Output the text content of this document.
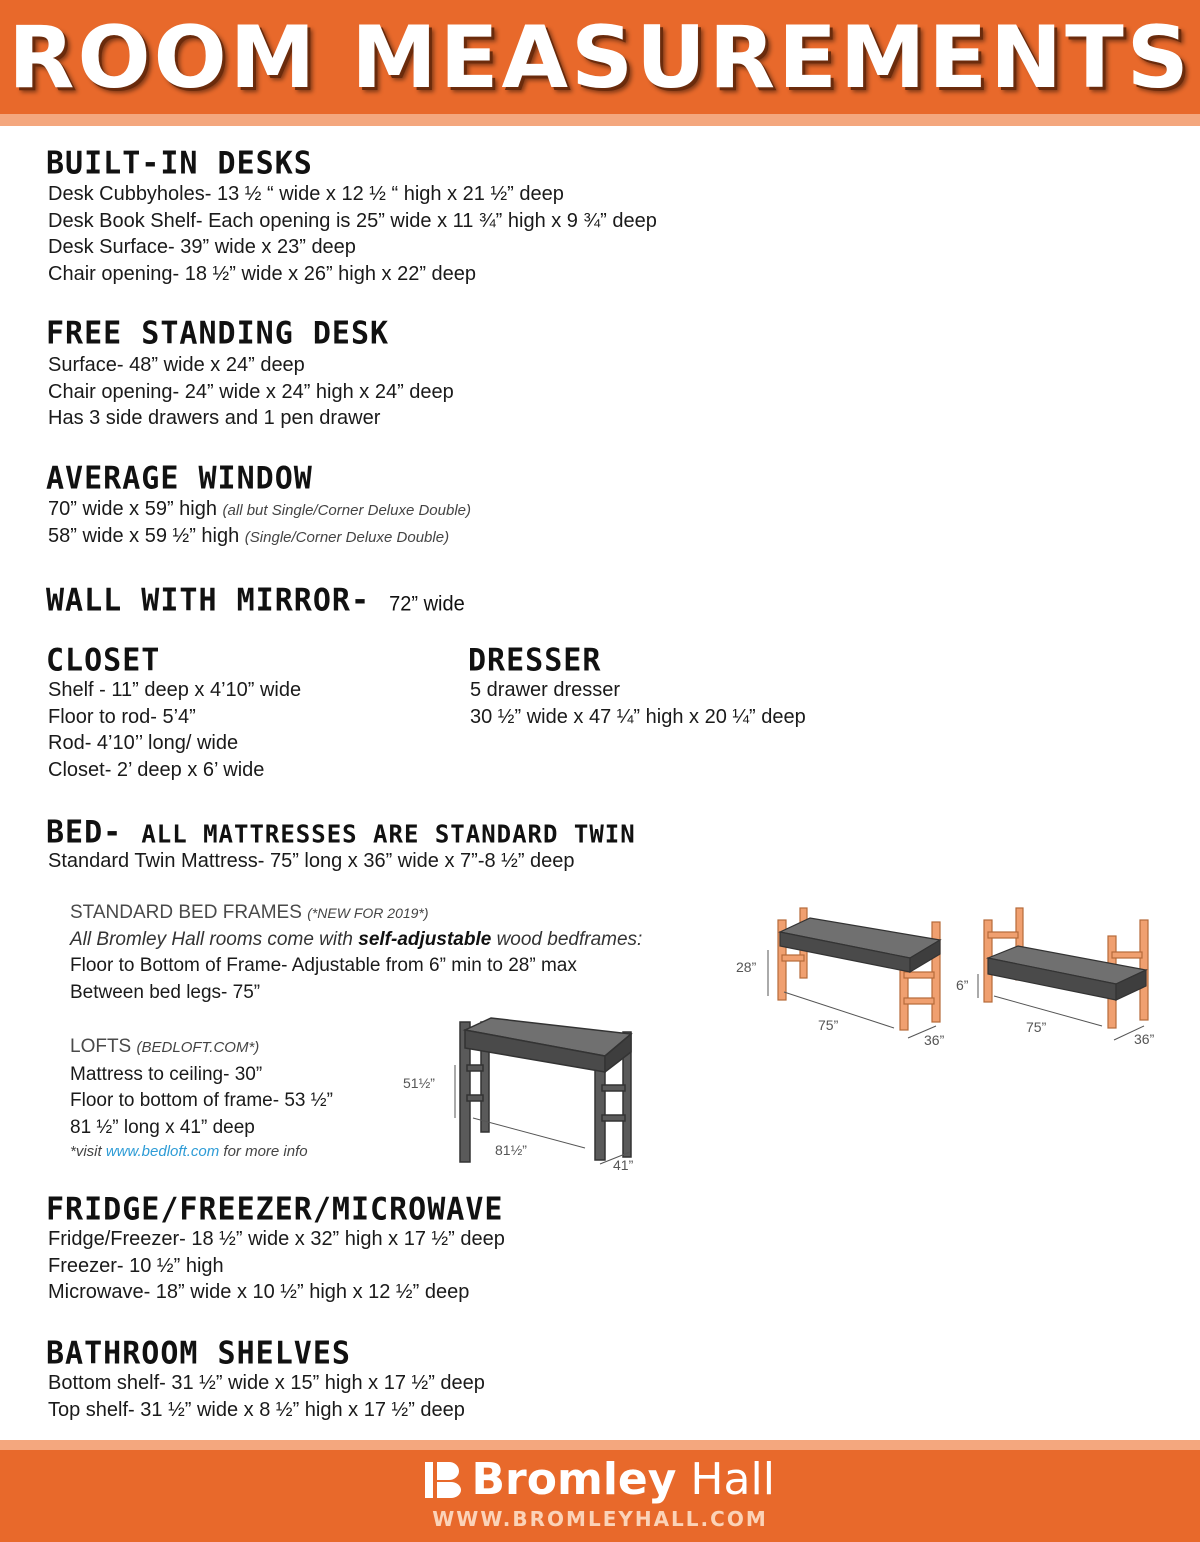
ROOM MEASUREMENTS
BUILT-IN DESKS
Desk Cubbyholes- 13 ½ “ wide x 12 ½ “ high x 21 ½” deep
Desk Book Shelf- Each opening is 25” wide x 11 ¾” high x 9 ¾” deep
Desk Surface- 39” wide x 23” deep
Chair opening- 18 ½” wide x 26” high x 22” deep
FREE STANDING DESK
Surface- 48” wide x 24” deep
Chair opening- 24” wide x 24” high x 24” deep
Has 3 side drawers and 1 pen drawer
AVERAGE WINDOW
70” wide x 59” high (all but Single/Corner Deluxe Double)
58” wide x 59 ½” high (Single/Corner Deluxe Double)
WALL WITH MIRROR- 72” wide
CLOSET
Shelf - 11” deep x 4’10” wide
Floor to rod- 5’4”
Rod- 4’10’’ long/ wide
Closet- 2’ deep x 6’ wide
DRESSER
5 drawer dresser
30 ½” wide x 47 ¼” high x 20 ¼” deep
BED- ALL MATTRESSES ARE STANDARD TWIN
Standard Twin Mattress- 75” long x 36” wide x 7”-8 ½” deep
STANDARD BED FRAMES (*NEW FOR 2019*)
All Bromley Hall rooms come with self-adjustable wood bedframes:
Floor to Bottom of Frame- Adjustable from 6” min to 28” max
Between bed legs- 75”
LOFTS (BEDLOFT.COM*)
Mattress to ceiling- 30”
Floor to bottom of frame- 53 ½”
81 ½” long x 41” deep
*visit www.bedloft.com for more info
51½”
81½”
41”
28”
75”
36”
6”
75”
36”
FRIDGE/FREEZER/MICROWAVE
Fridge/Freezer- 18 ½” wide x 32” high x 17 ½” deep
Freezer- 10 ½” high
Microwave- 18” wide x 10 ½” high x 12 ½” deep
BATHROOM SHELVES
Bottom shelf- 31 ½” wide x 15” high x 17 ½” deep
Top shelf- 31 ½” wide x 8 ½” high x 17 ½” deep
Bromley Hall
WWW.BROMLEYHALL.COM
